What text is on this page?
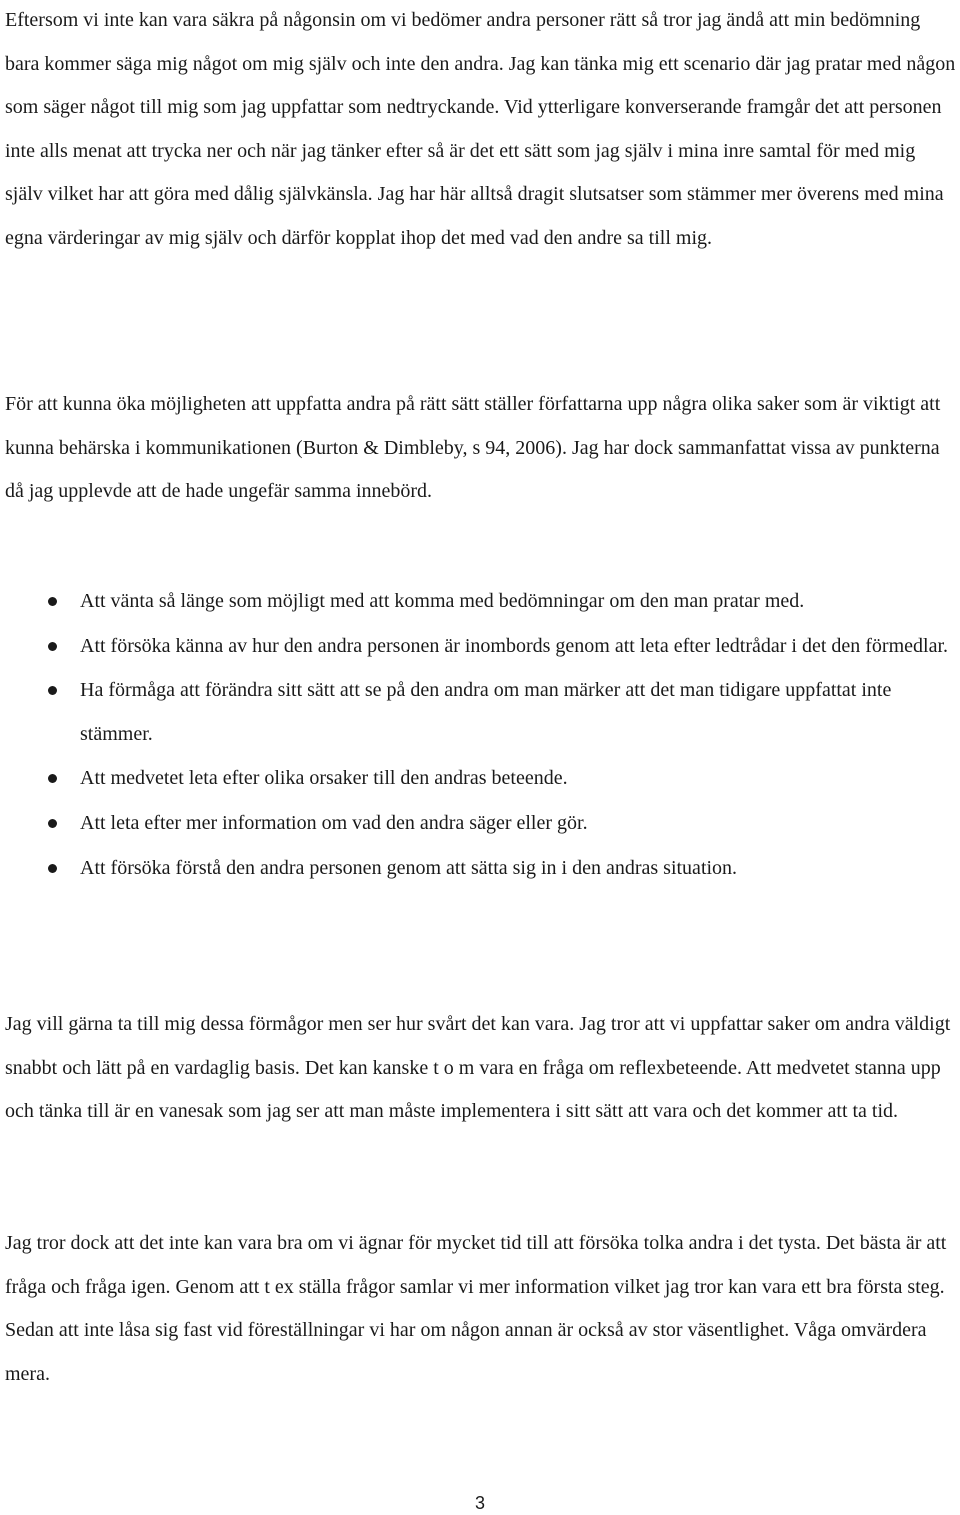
Eftersom vi inte kan vara säkra på någonsin om vi bedömer andra personer rätt så tror jag ändå att min bedömning bara kommer säga mig något om mig själv och inte den andra. Jag kan tänka mig ett scenario där jag pratar med någon som säger något till mig som jag uppfattar som nedtryckande. Vid ytterligare konverserande framgår det att personen inte alls menat att trycka ner och när jag tänker efter så är det ett sätt som jag själv i mina inre samtal för med mig själv vilket har att göra med dålig självkänsla. Jag har här alltså dragit slutsatser som stämmer mer överens med mina egna värderingar av mig själv och därför kopplat ihop det med vad den andre sa till mig.

För att kunna öka möjligheten att uppfatta andra på rätt sätt ställer författarna upp några olika saker som är viktigt att kunna behärska i kommunikationen (Burton & Dimbleby, s 94, 2006). Jag har dock sammanfattat vissa av punkterna då jag upplevde att de hade ungefär samma innebörd.

Att vänta så länge som möjligt med att komma med bedömningar om den man pratar med.
Att försöka känna av hur den andra personen är inombords genom att leta efter ledtrådar i det den förmedlar.
Ha förmåga att förändra sitt sätt att se på den andra om man märker att det man tidigare uppfattat inte stämmer.
Att medvetet leta efter olika orsaker till den andras beteende.
Att leta efter mer information om vad den andra säger eller gör.
Att försöka förstå den andra personen genom att sätta sig in i den andras situation.

Jag vill gärna ta till mig dessa förmågor men ser hur svårt det kan vara. Jag tror att vi uppfattar saker om andra väldigt snabbt och lätt på en vardaglig basis. Det kan kanske t o m vara en fråga om reflexbeteende. Att medvetet stanna upp och tänka till är en vanesak som jag ser att man måste implementera i sitt sätt att vara och det kommer att ta tid.

Jag tror dock att det inte kan vara bra om vi ägnar för mycket tid till att försöka tolka andra i det tysta. Det bästa är att fråga och fråga igen. Genom att t ex ställa frågor samlar vi mer information vilket jag tror kan vara ett bra första steg. Sedan att inte låsa sig fast vid föreställningar vi har om någon annan är också av stor väsentlighet. Våga omvärdera mera.

3
